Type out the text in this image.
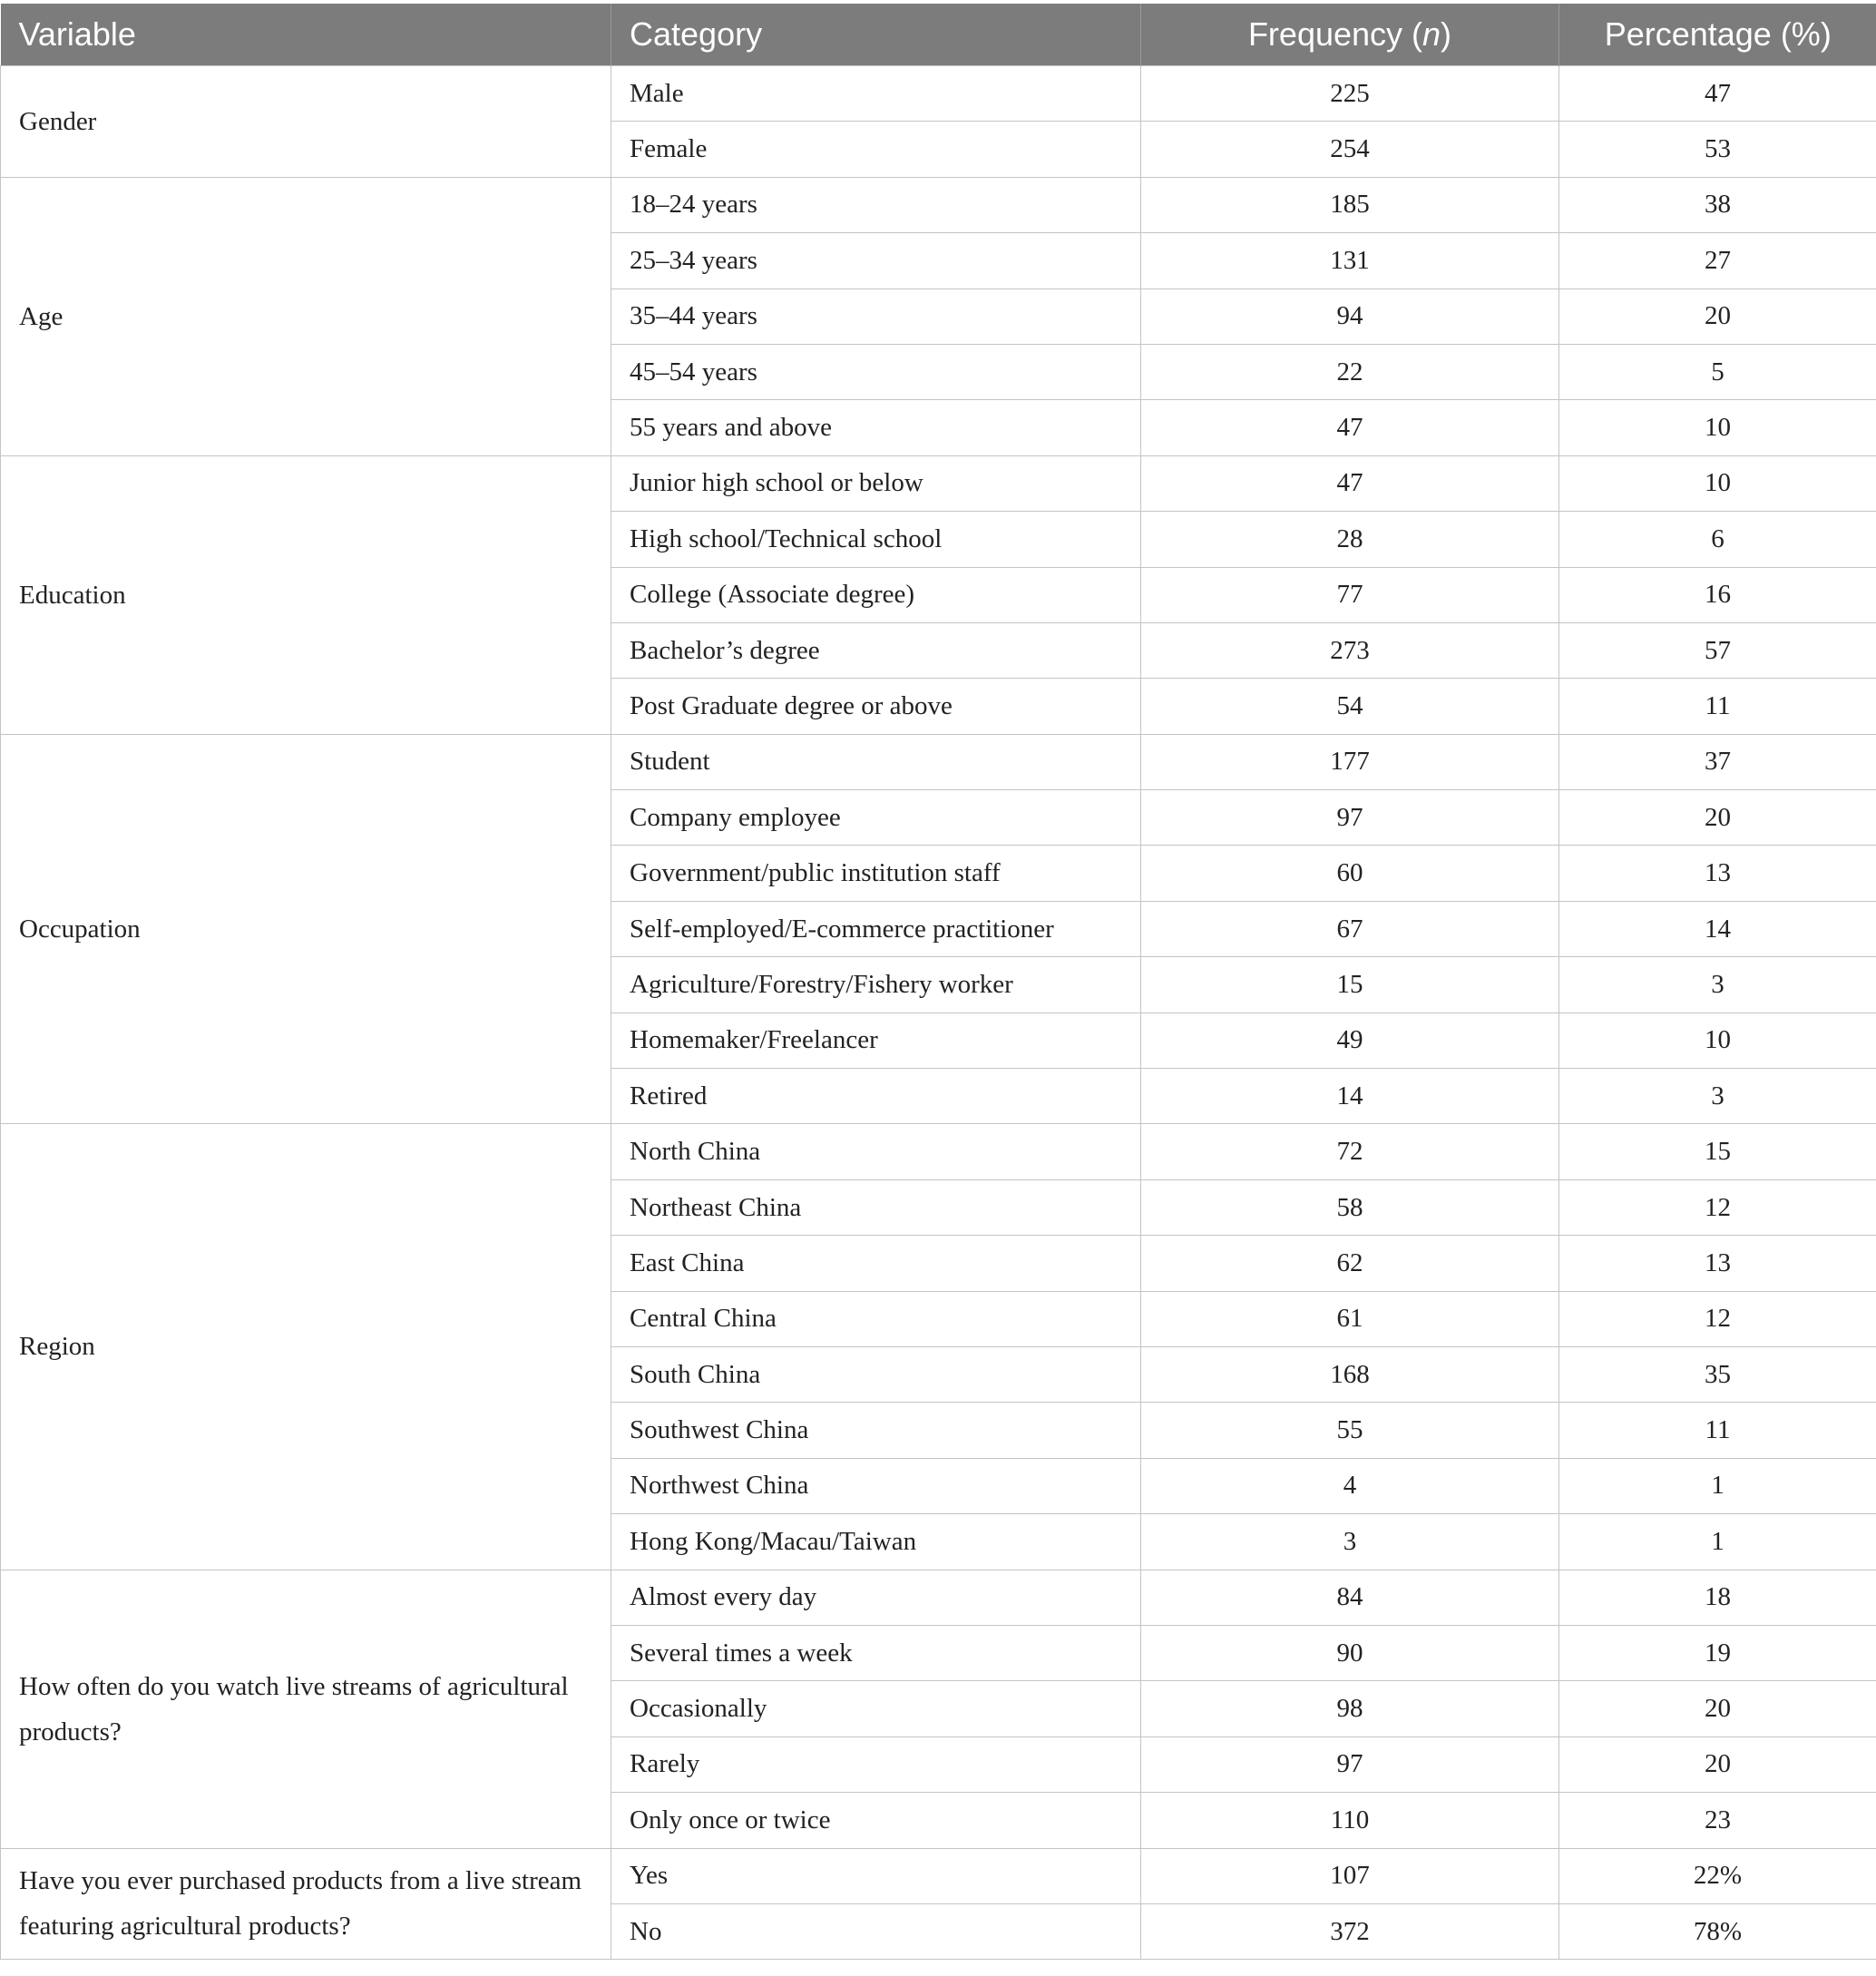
Variable	Category	Frequency (n)	Percentage (%)
Gender	Male	225	47
	Female	254	53
Age	18–24 years	185	38
	25–34 years	131	27
	35–44 years	94	20
	45–54 years	22	5
	55 years and above	47	10
Education	Junior high school or below	47	10
	High school/Technical school	28	6
	College (Associate degree)	77	16
	Bachelor’s degree	273	57
	Post Graduate degree or above	54	11
Occupation	Student	177	37
	Company employee	97	20
	Government/public institution staff	60	13
	Self-employed/E-commerce practitioner	67	14
	Agriculture/Forestry/Fishery worker	15	3
	Homemaker/Freelancer	49	10
	Retired	14	3
Region	North China	72	15
	Northeast China	58	12
	East China	62	13
	Central China	61	12
	South China	168	35
	Southwest China	55	11
	Northwest China	4	1
	Hong Kong/Macau/Taiwan	3	1
How often do you watch live streams of agricultural products?	Almost every day	84	18
	Several times a week	90	19
	Occasionally	98	20
	Rarely	97	20
	Only once or twice	110	23
Have you ever purchased products from a live stream featuring agricultural products?	Yes	107	22%
	No	372	78%
